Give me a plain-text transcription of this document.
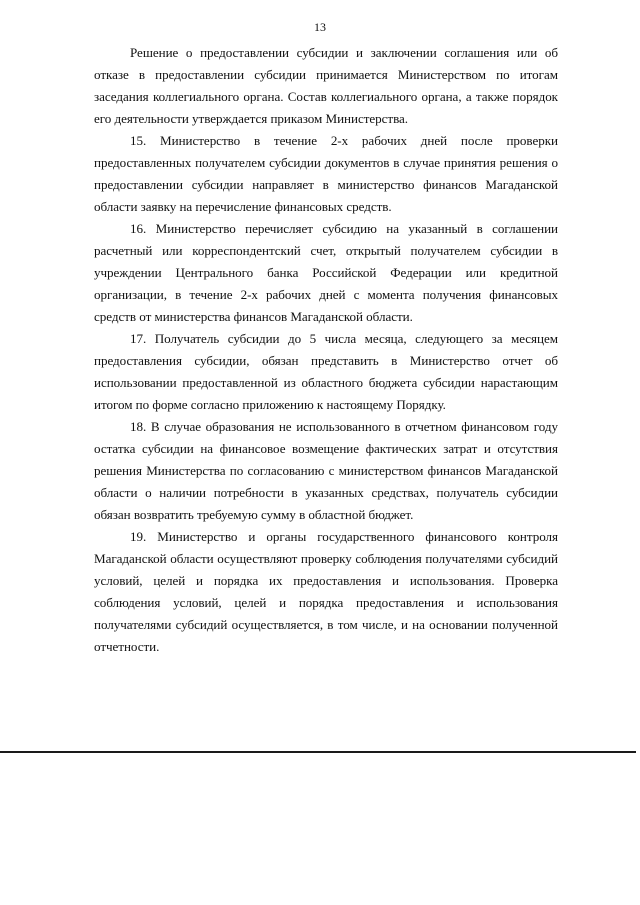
13

Решение о предоставлении субсидии и заключении соглашения или об отказе в предоставлении субсидии принимается Министерством по итогам заседания коллегиального органа. Состав коллегиального органа, а также порядок его деятельности утверждается приказом Министерства.

15. Министерство в течение 2-х рабочих дней после проверки предоставленных получателем субсидии документов в случае принятия решения о предоставлении субсидии направляет в министерство финансов Магаданской области заявку на перечисление финансовых средств.

16. Министерство перечисляет субсидию на указанный в соглашении расчетный или корреспондентский счет, открытый получателем субсидии в учреждении Центрального банка Российской Федерации или кредитной организации, в течение 2-х рабочих дней с момента получения финансовых средств от министерства финансов Магаданской области.

17. Получатель субсидии до 5 числа месяца, следующего за месяцем предоставления субсидии, обязан представить в Министерство отчет об использовании предоставленной из областного бюджета субсидии нарастающим итогом по форме согласно приложению к настоящему Порядку.

18. В случае образования не использованного в отчетном финансовом году остатка субсидии на финансовое возмещение фактических затрат и отсутствия решения Министерства по согласованию с министерством финансов Магаданской области о наличии потребности в указанных средствах, получатель субсидии обязан возвратить требуемую сумму в областной бюджет.

19. Министерство и органы государственного финансового контроля Магаданской области осуществляют проверку соблюдения получателями субсидий условий, целей и порядка их предоставления и использования. Проверка соблюдения условий, целей и порядка предоставления и использования получателями субсидий осуществляется, в том числе, и на основании полученной отчетности.
